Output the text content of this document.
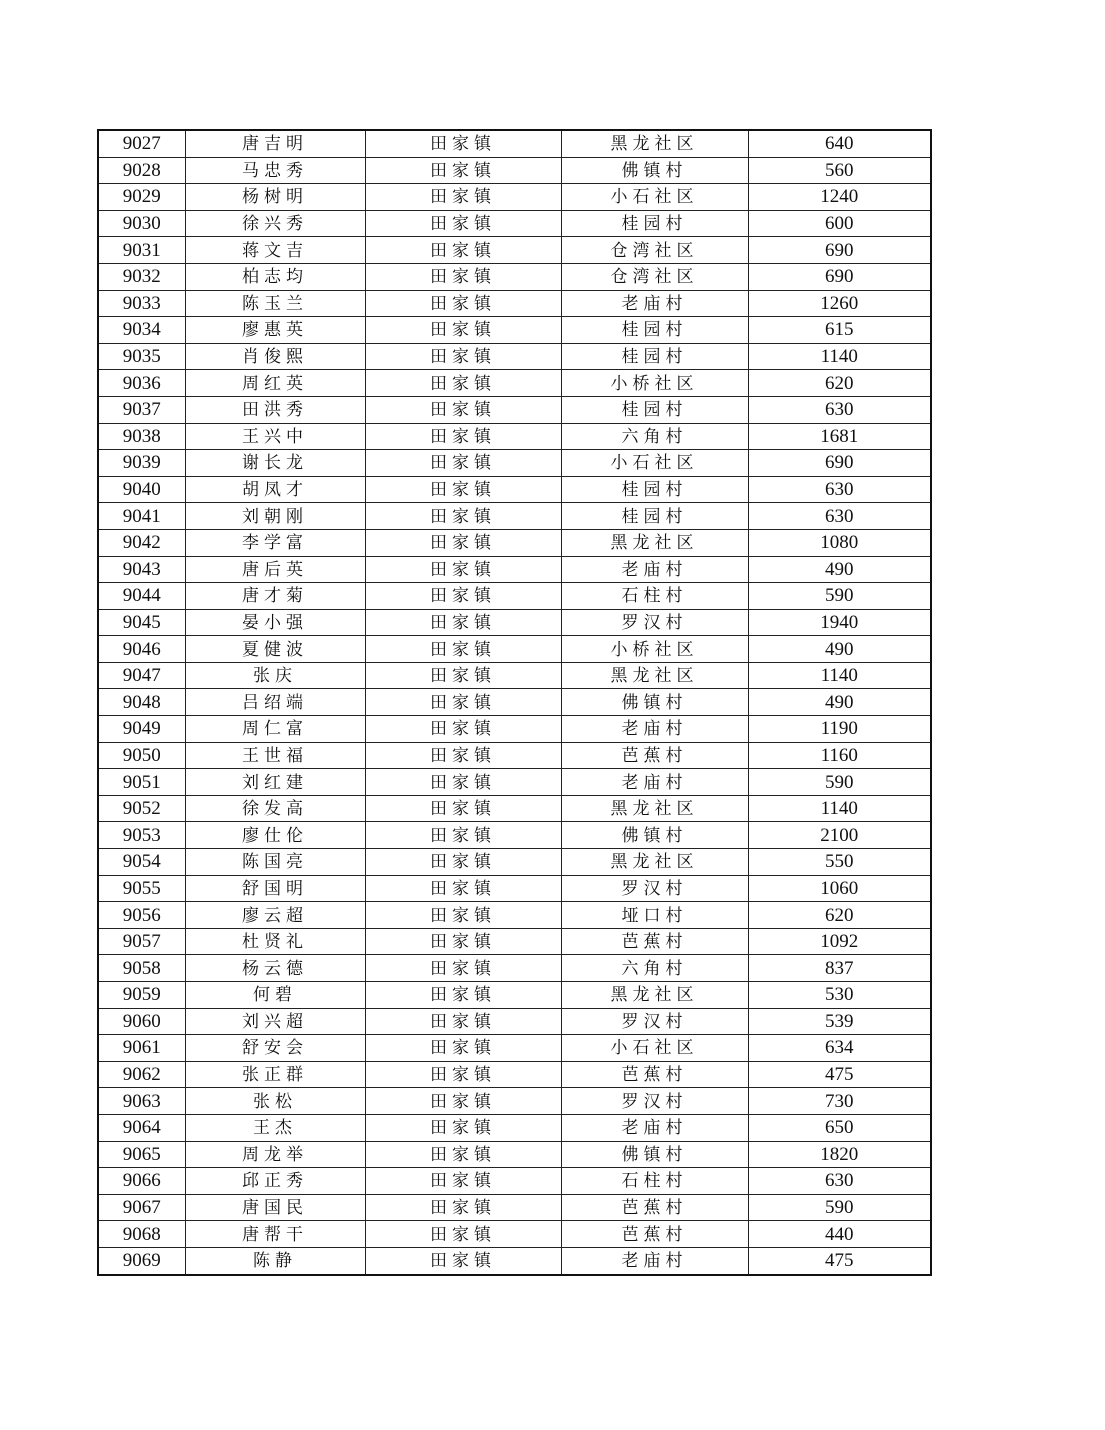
9027	唐吉明	田家镇	黑龙社区	640
9028	马忠秀	田家镇	佛镇村	560
9029	杨树明	田家镇	小石社区	1240
9030	徐兴秀	田家镇	桂园村	600
9031	蒋文吉	田家镇	仓湾社区	690
9032	柏志均	田家镇	仓湾社区	690
9033	陈玉兰	田家镇	老庙村	1260
9034	廖惠英	田家镇	桂园村	615
9035	肖俊熙	田家镇	桂园村	1140
9036	周红英	田家镇	小桥社区	620
9037	田洪秀	田家镇	桂园村	630
9038	王兴中	田家镇	六角村	1681
9039	谢长龙	田家镇	小石社区	690
9040	胡凤才	田家镇	桂园村	630
9041	刘朝刚	田家镇	桂园村	630
9042	李学富	田家镇	黑龙社区	1080
9043	唐后英	田家镇	老庙村	490
9044	唐才菊	田家镇	石柱村	590
9045	晏小强	田家镇	罗汉村	1940
9046	夏健波	田家镇	小桥社区	490
9047	张庆	田家镇	黑龙社区	1140
9048	吕绍端	田家镇	佛镇村	490
9049	周仁富	田家镇	老庙村	1190
9050	王世福	田家镇	芭蕉村	1160
9051	刘红建	田家镇	老庙村	590
9052	徐发高	田家镇	黑龙社区	1140
9053	廖仕伦	田家镇	佛镇村	2100
9054	陈国亮	田家镇	黑龙社区	550
9055	舒国明	田家镇	罗汉村	1060
9056	廖云超	田家镇	垭口村	620
9057	杜贤礼	田家镇	芭蕉村	1092
9058	杨云德	田家镇	六角村	837
9059	何碧	田家镇	黑龙社区	530
9060	刘兴超	田家镇	罗汉村	539
9061	舒安会	田家镇	小石社区	634
9062	张正群	田家镇	芭蕉村	475
9063	张松	田家镇	罗汉村	730
9064	王杰	田家镇	老庙村	650
9065	周龙举	田家镇	佛镇村	1820
9066	邱正秀	田家镇	石柱村	630
9067	唐国民	田家镇	芭蕉村	590
9068	唐帮干	田家镇	芭蕉村	440
9069	陈静	田家镇	老庙村	475
